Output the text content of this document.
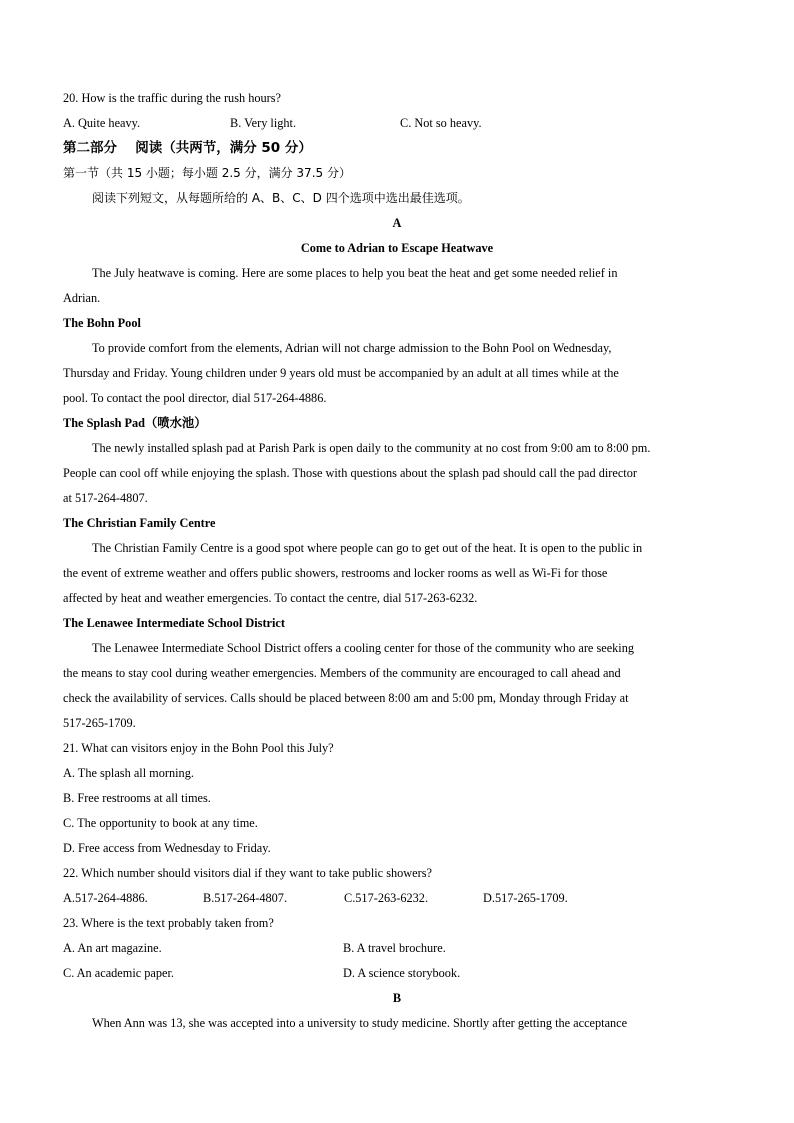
20. How is the traffic during the rush hours?
A. Quite heavy.	B. Very light.	C. Not so heavy.
第二部分　 阅读（共两节，满分 50 分）
第一节（共 15 小题；每小题 2.5 分，满分 37.5 分）
阅读下列短文，从每题所给的 A、B、C、D 四个选项中选出最佳选项。
A
Come to Adrian to Escape Heatwave
The July heatwave is coming. Here are some places to help you beat the heat and get some needed relief in
Adrian.
The Bohn Pool
To provide comfort from the elements, Adrian will not charge admission to the Bohn Pool on Wednesday,
Thursday and Friday. Young children under 9 years old must be accompanied by an adult at all times while at the
pool. To contact the pool director, dial 517-264-4886.
The Splash Pad（喷水池）
The newly installed splash pad at Parish Park is open daily to the community at no cost from 9:00 am to 8:00 pm.
People can cool off while enjoying the splash. Those with questions about the splash pad should call the pad director
at 517-264-4807.
The Christian Family Centre
The Christian Family Centre is a good spot where people can go to get out of the heat. It is open to the public in
the event of extreme weather and offers public showers, restrooms and locker rooms as well as Wi-Fi for those
affected by heat and weather emergencies. To contact the centre, dial 517-263-6232.
The Lenawee Intermediate School District
The Lenawee Intermediate School District offers a cooling center for those of the community who are seeking
the means to stay cool during weather emergencies. Members of the community are encouraged to call ahead and
check the availability of services. Calls should be placed between 8:00 am and 5:00 pm, Monday through Friday at
517-265-1709.
21. What can visitors enjoy in the Bohn Pool this July?
A. The splash all morning.
B. Free restrooms at all times.
C. The opportunity to book at any time.
D. Free access from Wednesday to Friday.
22. Which number should visitors dial if they want to take public showers?
A.517-264-4886.	B.517-264-4807.	C.517-263-6232.	D.517-265-1709.
23. Where is the text probably taken from?
A. An art magazine.	B. A travel brochure.
C. An academic paper.	D. A science storybook.
B
When Ann was 13, she was accepted into a university to study medicine. Shortly after getting the acceptance
